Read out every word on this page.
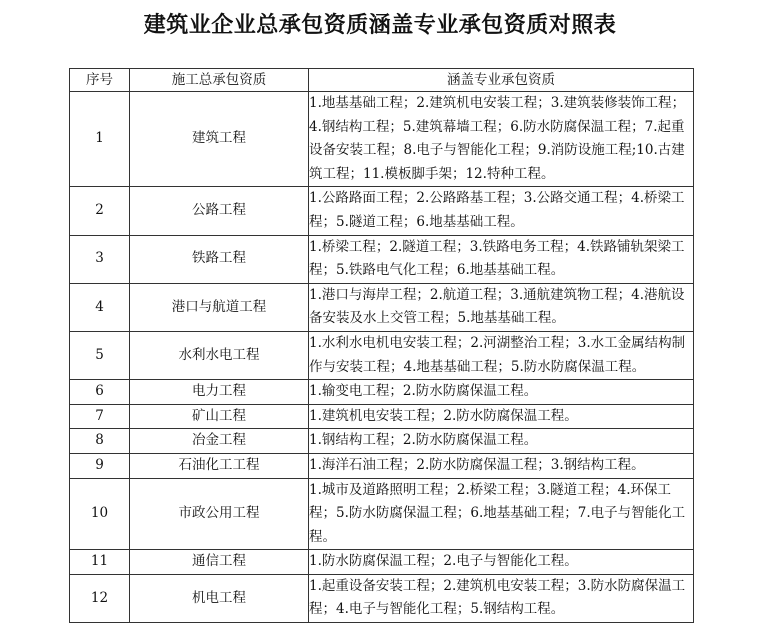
建筑业企业总承包资质涵盖专业承包资质对照表
序号	施工总承包资质	涵盖专业承包资质
1	建筑工程	1.地基基础工程；2.建筑机电安装工程；3.建筑装修装饰工程；4.钢结构工程；5.建筑幕墙工程；6.防水防腐保温工程；7.起重设备安装工程；8.电子与智能化工程；9.消防设施工程;10.古建筑工程；11.模板脚手架；12.特种工程。
2	公路工程	1.公路路面工程；2.公路路基工程；3.公路交通工程；4.桥梁工程；5.隧道工程；6.地基基础工程。
3	铁路工程	1.桥梁工程；2.隧道工程；3.铁路电务工程；4.铁路铺轨架梁工程；5.铁路电气化工程；6.地基基础工程。
4	港口与航道工程	1.港口与海岸工程；2.航道工程；3.通航建筑物工程；4.港航设备安装及水上交管工程；5.地基基础工程。
5	水利水电工程	1.水利水电机电安装工程；2.河湖整治工程；3.水工金属结构制作与安装工程；4.地基基础工程；5.防水防腐保温工程。
6	电力工程	1.输变电工程；2.防水防腐保温工程。
7	矿山工程	1.建筑机电安装工程；2.防水防腐保温工程。
8	冶金工程	1.钢结构工程；2.防水防腐保温工程。
9	石油化工工程	1.海洋石油工程；2.防水防腐保温工程；3.钢结构工程。
10	市政公用工程	1.城市及道路照明工程；2.桥梁工程；3.隧道工程；4.环保工程；5.防水防腐保温工程；6.地基基础工程；7.电子与智能化工程。
11	通信工程	1.防水防腐保温工程；2.电子与智能化工程。
12	机电工程	1.起重设备安装工程；2.建筑机电安装工程；3.防水防腐保温工程；4.电子与智能化工程；5.钢结构工程。
